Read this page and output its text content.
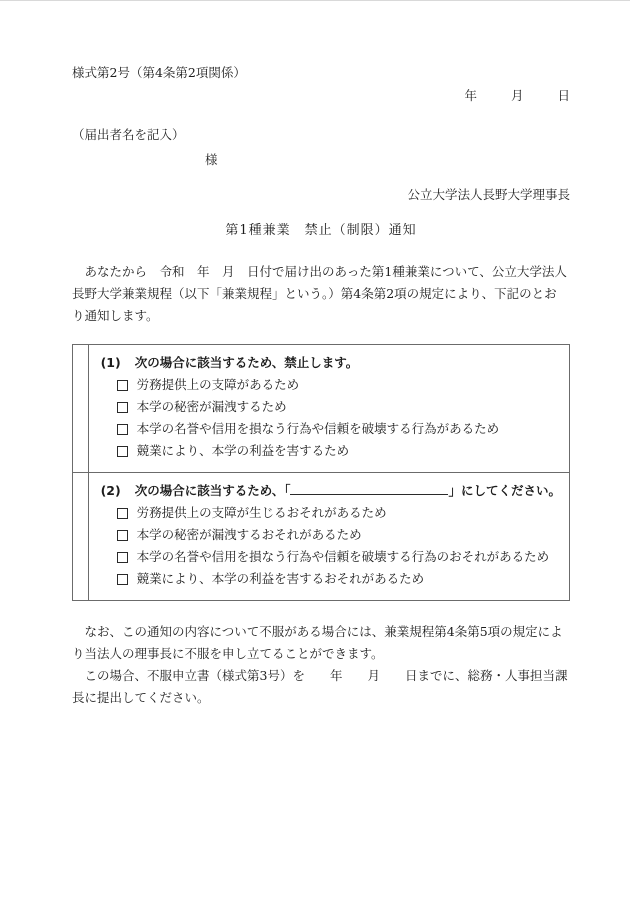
様式第2号（第4条第2項関係）
年	月	日
（届出者名を記入）
様
公立大学法人長野大学理事長
第1種兼業　禁止（制限）通知
あなたから　令和　年　月　日付で届け出のあった第1種兼業について、公立大学法人
長野大学兼業規程（以下「兼業規程」という。）第4条第2項の規定により、下記のとお
り通知します。

	(1) 次の場合に該当するため、禁止します。
労務提供上の支障があるため
本学の秘密が漏洩するため
本学の名誉や信用を損なう行為や信頼を破壊する行為があるため
競業により、本学の利益を害するため

	(2) 次の場合に該当するため、「 」にしてください。
労務提供上の支障が生じるおそれがあるため
本学の秘密が漏洩するおそれがあるため
本学の名誉や信用を損なう行為や信頼を破壊する行為のおそれがあるため
競業により、本学の利益を害するおそれがあるため
なお、この通知の内容について不服がある場合には、兼業規程第4条第5項の規定によ
り当法人の理事長に不服を申し立てることができます。
この場合、不服申立書（様式第3号）を　　年　　月　　日までに、総務・人事担当課
長に提出してください。
